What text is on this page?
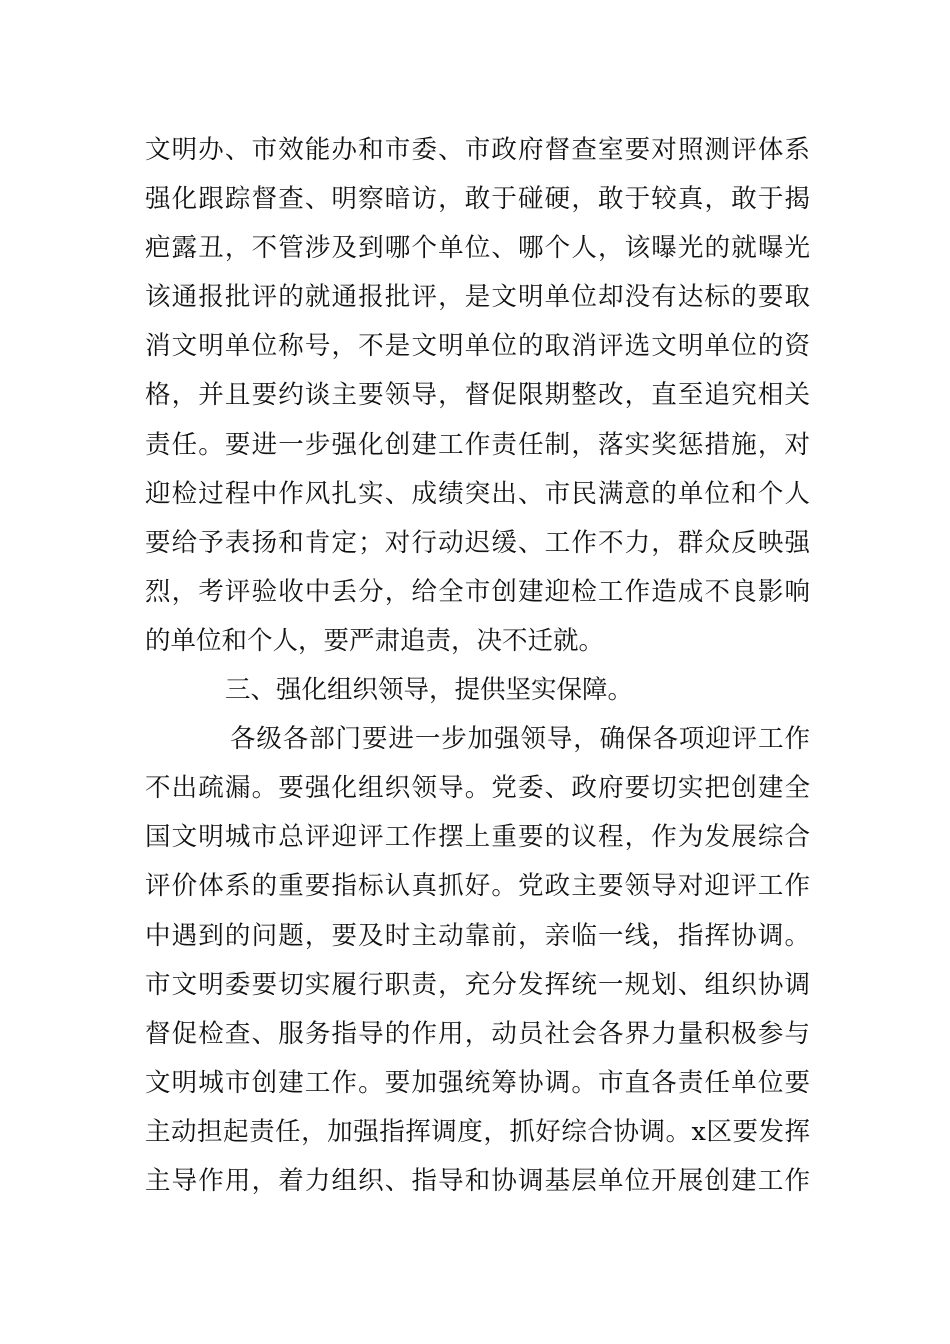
文明办、市效能办和市委、市政府督查室要对照测评体系
强化跟踪督查、明察暗访，敢于碰硬，敢于较真，敢于揭
疤露丑，不管涉及到哪个单位、哪个人，该曝光的就曝光
该通报批评的就通报批评，是文明单位却没有达标的要取
消文明单位称号，不是文明单位的取消评选文明单位的资
格，并且要约谈主要领导，督促限期整改，直至追究相关
责任。要进一步强化创建工作责任制，落实奖惩措施，对
迎检过程中作风扎实、成绩突出、市民满意的单位和个人
要给予表扬和肯定；对行动迟缓、工作不力，群众反映强
烈，考评验收中丢分，给全市创建迎检工作造成不良影响
的单位和个人，要严肃追责，决不迁就。
三、强化组织领导，提供坚实保障。
各级各部门要进一步加强领导，确保各项迎评工作
不出疏漏。要强化组织领导。党委、政府要切实把创建全
国文明城市总评迎评工作摆上重要的议程，作为发展综合
评价体系的重要指标认真抓好。党政主要领导对迎评工作
中遇到的问题，要及时主动靠前，亲临一线，指挥协调。
市文明委要切实履行职责，充分发挥统一规划、组织协调
督促检查、服务指导的作用，动员社会各界力量积极参与
文明城市创建工作。要加强统筹协调。市直各责任单位要
主动担起责任，加强指挥调度，抓好综合协调。x区要发挥
主导作用，着力组织、指导和协调基层单位开展创建工作
